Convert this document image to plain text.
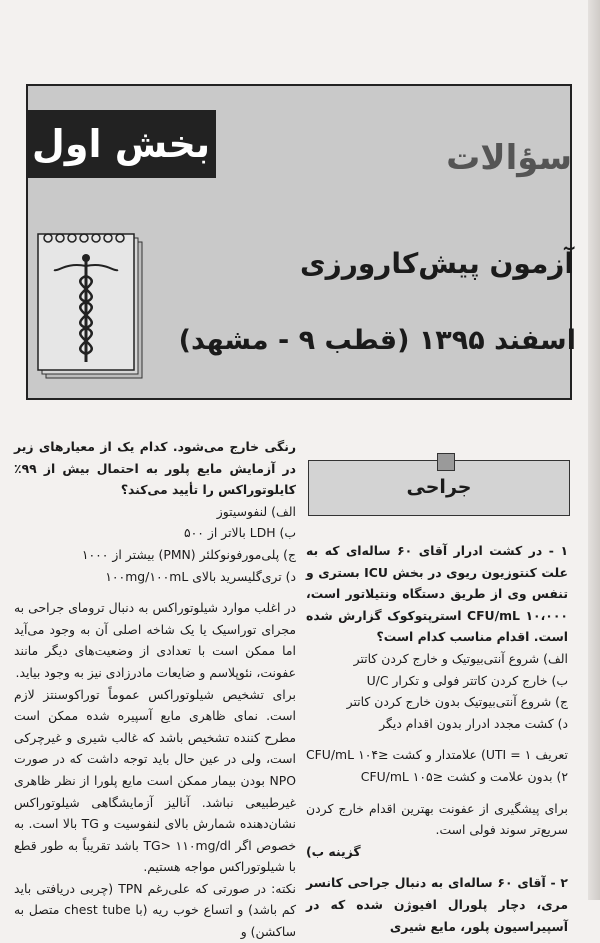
بخش اول	سؤالات
آزمون پیش‌کارورزی
اسفند ۱۳۹۵ (قطب ۹ - مشهد)
جراحی

۱ - در کشت ادرار آقای ۶۰ ساله‌ای که به علت کنتوزیون ریوی در بخش ICU بستری و تنفس وی از طریق دستگاه ونتیلاتور است، ۱۰،۰۰۰ CFU/mL استرپتوکوک گزارش شده است. اقدام مناسب کدام است؟

الف) شروع آنتی‌بیوتیک و خارج کردن کاتتر

ب) خارج کردن کاتتر فولی و تکرار U/C

ج) شروع آنتی‌بیوتیک بدون خارج کردن کاتتر

د) کشت مجدد ادرار بدون اقدام دیگر

تعریف UTI = ۱) علامتدار و کشت ≤CFU/mL ۱۰۴ ۲) بدون علامت و کشت ≤CFU/mL ۱۰۵

برای پیشگیری از عفونت بهترین اقدام خارج کردن سریع‌تر سوند فولی است.

گزینه ب)

۲ - آقای ۶۰ ساله‌ای به دنبال جراحی کانسر مری، دچار پلورال افیوژن شده که در آسپیراسیون پلور، مایع شیری

رنگی خارج می‌شود. کدام یک از معیارهای زیر در آزمایش مایع پلور به احتمال بیش از ۹۹٪ کایلوتوراکس را تأیید می‌کند؟

الف) لنفوسیتوز

ب) LDH بالاتر از ۵۰۰

ج) پلی‌مورفونوکلئر (PMN) بیشتر از ۱۰۰۰

د) تری‌گلیسرید بالای ۱۰۰mg/۱۰۰mL

در اغلب موارد شیلوتوراکس به دنبال ترومای جراحی به مجرای توراسیک یا یک شاخه اصلی آن به وجود می‌آید اما ممکن است با تعدادی از وضعیت‌های دیگر مانند عفونت، نئوپلاسم و ضایعات مادرزادی نیز به وجود بیاید.

برای تشخیص شیلوتوراکس عموماً توراکوسنتز لازم است. نمای ظاهری مایع آسپیره شده ممکن است مطرح کننده تشخیص باشد که غالب شیری و غیرچرکی است، ولی در عین حال باید توجه داشت که در صورت NPO بودن بیمار ممکن است مایع پلورا از نظر ظاهری غیرطبیعی نباشد. آنالیز آزمایشگاهی شیلوتوراکس نشان‌دهنده شمارش بالای لنفوسیت و TG بالا است. به خصوص اگر TG> ۱۱۰mg/dl باشد تقریباً به طور قطع با شیلوتوراکس مواجه هستیم.

نکته: در صورتی که علی‌رغم TPN (چربی دریافتی باید کم باشد) و اتساع خوب ریه (با chest tube متصل به ساکشن) و
